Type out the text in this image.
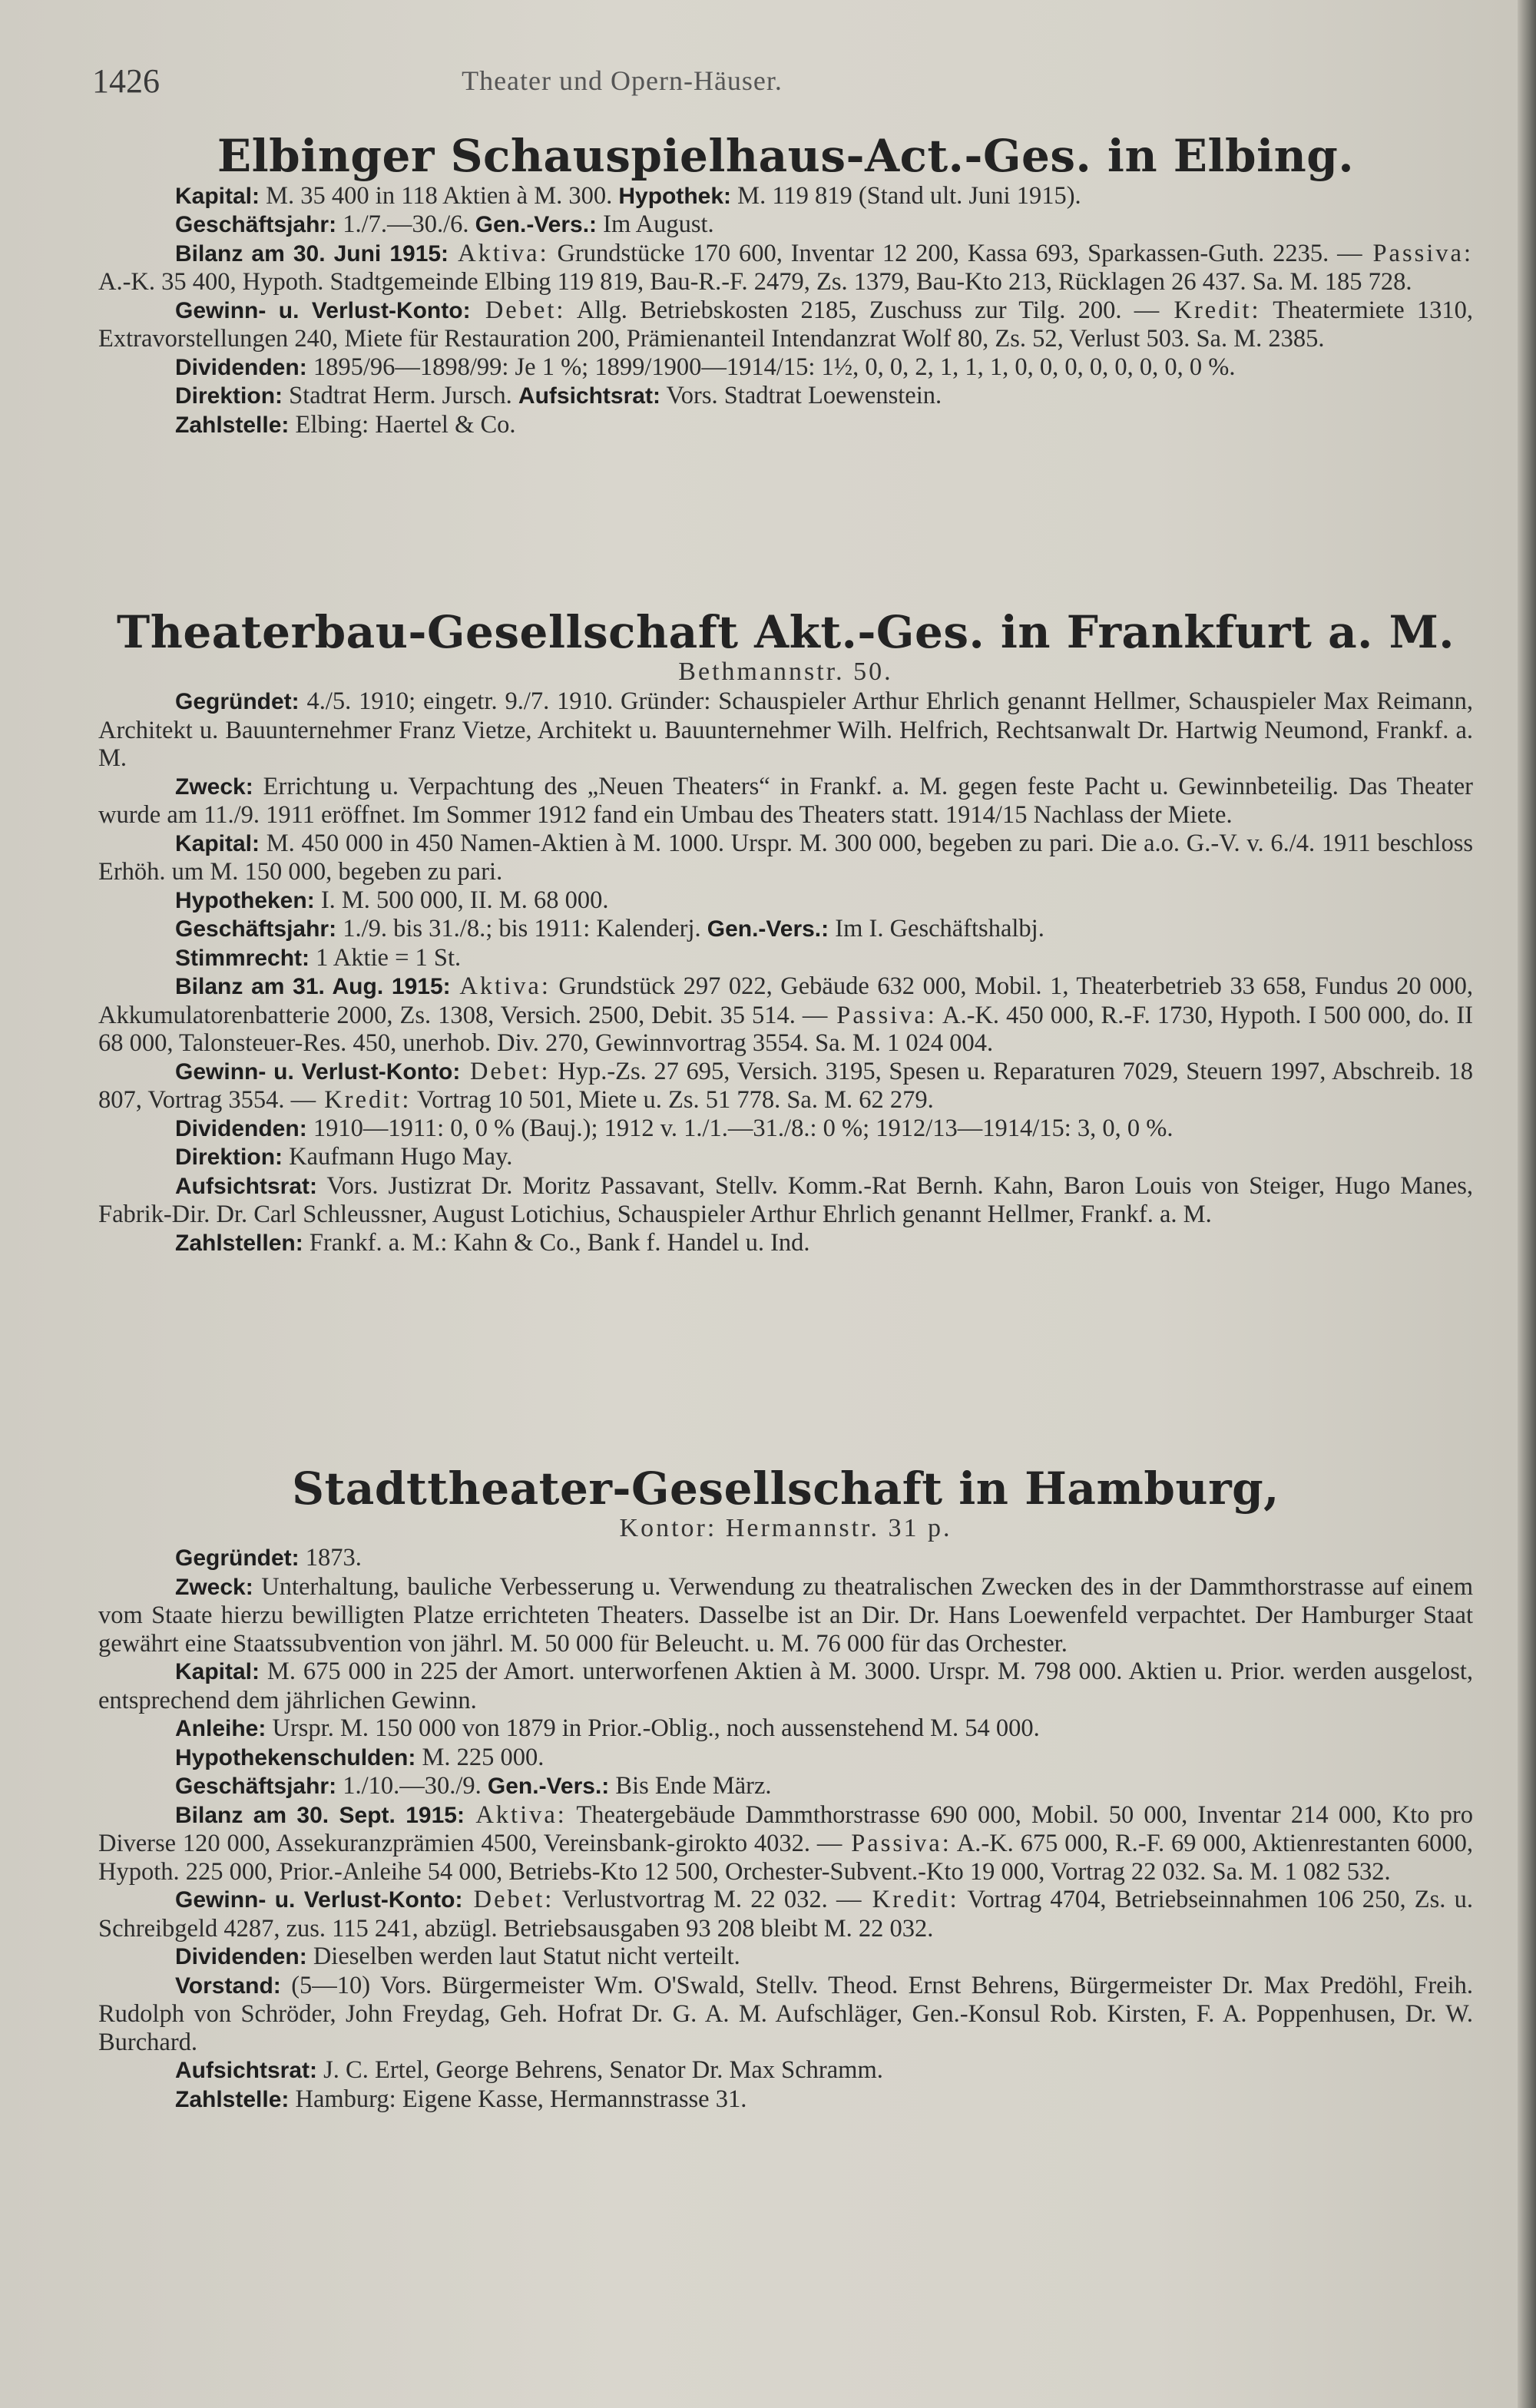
1426	Theater und Opern-Häuser.
Elbinger Schauspielhaus-Act.-Ges. in Elbing.

Kapital: M. 35 400 in 118 Aktien à M. 300. Hypothek: M. 119 819 (Stand ult. Juni 1915).

Geschäftsjahr: 1./7.—30./6. Gen.-Vers.: Im August.

Bilanz am 30. Juni 1915: Aktiva: Grundstücke 170 600, Inventar 12 200, Kassa 693, Sparkassen-Guth. 2235. — Passiva: A.-K. 35 400, Hypoth. Stadtgemeinde Elbing 119 819, Bau-R.-F. 2479, Zs. 1379, Bau-Kto 213, Rücklagen 26 437. Sa. M. 185 728.

Gewinn- u. Verlust-Konto: Debet: Allg. Betriebskosten 2185, Zuschuss zur Tilg. 200. — Kredit: Theatermiete 1310, Extravorstellungen 240, Miete für Restauration 200, Prämienanteil Intendanzrat Wolf 80, Zs. 52, Verlust 503. Sa. M. 2385.

Dividenden: 1895/96—1898/99: Je 1 %; 1899/1900—1914/15: 1½, 0, 0, 2, 1, 1, 1, 0, 0, 0, 0, 0, 0, 0, 0 %.

Direktion: Stadtrat Herm. Jursch. Aufsichtsrat: Vors. Stadtrat Loewenstein.

Zahlstelle: Elbing: Haertel & Co.

Theaterbau-Gesellschaft Akt.-Ges. in Frankfurt a. M.
Bethmannstr. 50.

Gegründet: 4./5. 1910; eingetr. 9./7. 1910. Gründer: Schauspieler Arthur Ehrlich genannt Hellmer, Schauspieler Max Reimann, Architekt u. Bauunternehmer Franz Vietze, Architekt u. Bauunternehmer Wilh. Helfrich, Rechtsanwalt Dr. Hartwig Neumond, Frankf. a. M.

Zweck: Errichtung u. Verpachtung des „Neuen Theaters“ in Frankf. a. M. gegen feste Pacht u. Gewinnbeteilig. Das Theater wurde am 11./9. 1911 eröffnet. Im Sommer 1912 fand ein Umbau des Theaters statt. 1914/15 Nachlass der Miete.

Kapital: M. 450 000 in 450 Namen-Aktien à M. 1000. Urspr. M. 300 000, begeben zu pari. Die a.o. G.-V. v. 6./4. 1911 beschloss Erhöh. um M. 150 000, begeben zu pari.

Hypotheken: I. M. 500 000, II. M. 68 000.

Geschäftsjahr: 1./9. bis 31./8.; bis 1911: Kalenderj. Gen.-Vers.: Im I. Geschäftshalbj.

Stimmrecht: 1 Aktie = 1 St.

Bilanz am 31. Aug. 1915: Aktiva: Grundstück 297 022, Gebäude 632 000, Mobil. 1, Theaterbetrieb 33 658, Fundus 20 000, Akkumulatorenbatterie 2000, Zs. 1308, Versich. 2500, Debit. 35 514. — Passiva: A.-K. 450 000, R.-F. 1730, Hypoth. I 500 000, do. II 68 000, Talonsteuer-Res. 450, unerhob. Div. 270, Gewinnvortrag 3554. Sa. M. 1 024 004.

Gewinn- u. Verlust-Konto: Debet: Hyp.-Zs. 27 695, Versich. 3195, Spesen u. Reparaturen 7029, Steuern 1997, Abschreib. 18 807, Vortrag 3554. — Kredit: Vortrag 10 501, Miete u. Zs. 51 778. Sa. M. 62 279.

Dividenden: 1910—1911: 0, 0 % (Bauj.); 1912 v. 1./1.—31./8.: 0 %; 1912/13—1914/15: 3, 0, 0 %.

Direktion: Kaufmann Hugo May.

Aufsichtsrat: Vors. Justizrat Dr. Moritz Passavant, Stellv. Komm.-Rat Bernh. Kahn, Baron Louis von Steiger, Hugo Manes, Fabrik-Dir. Dr. Carl Schleussner, August Lotichius, Schauspieler Arthur Ehrlich genannt Hellmer, Frankf. a. M.

Zahlstellen: Frankf. a. M.: Kahn & Co., Bank f. Handel u. Ind.

Stadttheater-Gesellschaft in Hamburg,
Kontor: Hermannstr. 31 p.

Gegründet: 1873.

Zweck: Unterhaltung, bauliche Verbesserung u. Verwendung zu theatralischen Zwecken des in der Dammthorstrasse auf einem vom Staate hierzu bewilligten Platze errichteten Theaters. Dasselbe ist an Dir. Dr. Hans Loewenfeld verpachtet. Der Hamburger Staat gewährt eine Staatssubvention von jährl. M. 50 000 für Beleucht. u. M. 76 000 für das Orchester.

Kapital: M. 675 000 in 225 der Amort. unterworfenen Aktien à M. 3000. Urspr. M. 798 000. Aktien u. Prior. werden ausgelost, entsprechend dem jährlichen Gewinn.

Anleihe: Urspr. M. 150 000 von 1879 in Prior.-Oblig., noch aussenstehend M. 54 000.

Hypothekenschulden: M. 225 000.

Geschäftsjahr: 1./10.—30./9. Gen.-Vers.: Bis Ende März.

Bilanz am 30. Sept. 1915: Aktiva: Theatergebäude Dammthorstrasse 690 000, Mobil. 50 000, Inventar 214 000, Kto pro Diverse 120 000, Assekuranzprämien 4500, Vereinsbank-girokto 4032. — Passiva: A.-K. 675 000, R.-F. 69 000, Aktienrestanten 6000, Hypoth. 225 000, Prior.-Anleihe 54 000, Betriebs-Kto 12 500, Orchester-Subvent.-Kto 19 000, Vortrag 22 032. Sa. M. 1 082 532.

Gewinn- u. Verlust-Konto: Debet: Verlustvortrag M. 22 032. — Kredit: Vortrag 4704, Betriebseinnahmen 106 250, Zs. u. Schreibgeld 4287, zus. 115 241, abzügl. Betriebsausgaben 93 208 bleibt M. 22 032.

Dividenden: Dieselben werden laut Statut nicht verteilt.

Vorstand: (5—10) Vors. Bürgermeister Wm. O'Swald, Stellv. Theod. Ernst Behrens, Bürgermeister Dr. Max Predöhl, Freih. Rudolph von Schröder, John Freydag, Geh. Hofrat Dr. G. A. M. Aufschläger, Gen.-Konsul Rob. Kirsten, F. A. Poppenhusen, Dr. W. Burchard.

Aufsichtsrat: J. C. Ertel, George Behrens, Senator Dr. Max Schramm.

Zahlstelle: Hamburg: Eigene Kasse, Hermannstrasse 31.
